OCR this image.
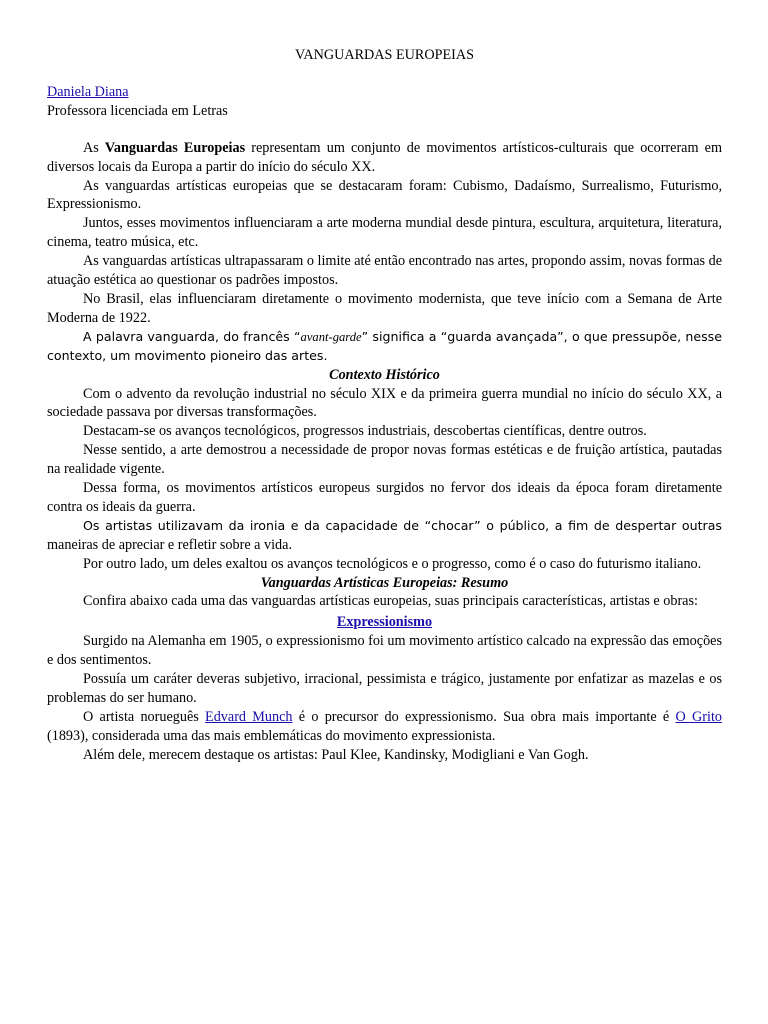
VANGUARDAS EUROPEIAS
Daniela Diana
Professora licenciada em Letras

As Vanguardas Europeias representam um conjunto de movimentos artísticos-culturais que ocorreram em diversos locais da Europa a partir do início do século XX.

As vanguardas artísticas europeias que se destacaram foram: Cubismo, Dadaísmo, Surrealismo, Futurismo, Expressionismo.

Juntos, esses movimentos influenciaram a arte moderna mundial desde pintura, escultura, arquitetura, literatura, cinema, teatro música, etc.

As vanguardas artísticas ultrapassaram o limite até então encontrado nas artes, propondo assim, novas formas de atuação estética ao questionar os padrões impostos.

No Brasil, elas influenciaram diretamente o movimento modernista, que teve início com a Semana de Arte Moderna de 1922.

A palavra vanguarda, do francês “avant-garde” significa a “guarda avançada”, o que pressupõe, nesse contexto, um movimento pioneiro das artes.

Contexto Histórico

Com o advento da revolução industrial no século XIX e da primeira guerra mundial no início do século XX, a sociedade passava por diversas transformações.

Destacam-se os avanços tecnológicos, progressos industriais, descobertas científicas, dentre outros.

Nesse sentido, a arte demostrou a necessidade de propor novas formas estéticas e de fruição artística, pautadas na realidade vigente.

Dessa forma, os movimentos artísticos europeus surgidos no fervor dos ideais da época foram diretamente contra os ideais da guerra.

Os artistas utilizavam da ironia e da capacidade de “chocar” o público, a fim de despertar outras maneiras de apreciar e refletir sobre a vida.

Por outro lado, um deles exaltou os avanços tecnológicos e o progresso, como é o caso do futurismo italiano.

Vanguardas Artísticas Europeias: Resumo

Confira abaixo cada uma das vanguardas artísticas europeias, suas principais características, artistas e obras:

Expressionismo

Surgido na Alemanha em 1905, o expressionismo foi um movimento artístico calcado na expressão das emoções e dos sentimentos.

Possuía um caráter deveras subjetivo, irracional, pessimista e trágico, justamente por enfatizar as mazelas e os problemas do ser humano.

O artista norueguês Edvard Munch é o precursor do expressionismo. Sua obra mais importante é O Grito (1893), considerada uma das mais emblemáticas do movimento expressionista.

Além dele, merecem destaque os artistas: Paul Klee, Kandinsky, Modigliani e Van Gogh.
